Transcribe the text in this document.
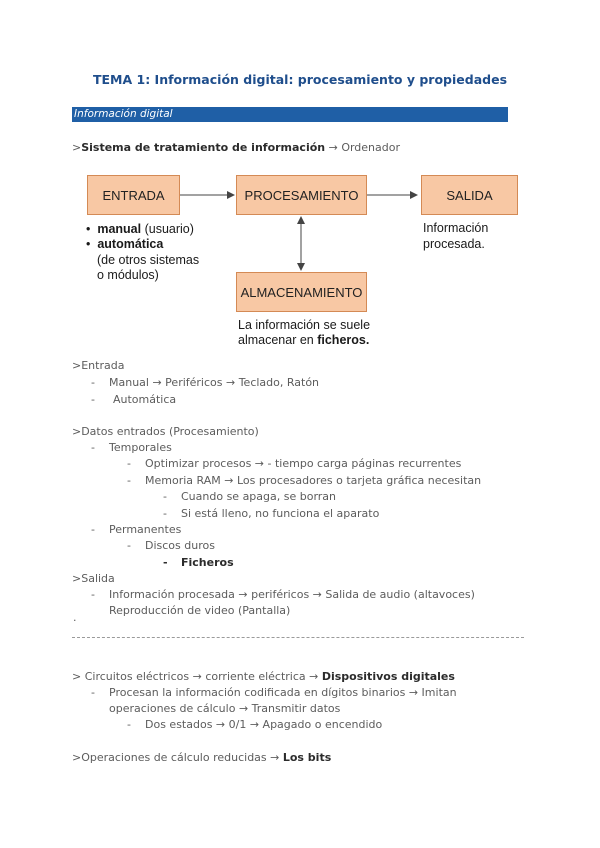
TEMA 1: Información digital: procesamiento y propiedades
Información digital
>Sistema de tratamiento de información → Ordenador
ENTRADA	PROCESAMIENTO	SALIDA
ALMACENAMIENTO
• manual (usuario)
• automática
(de otros sistemas
o módulos)
Información
procesada.
La información se suele
almacenar en ficheros.
>Entrada
- Manual → Periféricos → Teclado, Ratón
- Automática
>Datos entrados (Procesamiento)
- Temporales
- Optimizar procesos → - tiempo carga páginas recurrentes
- Memoria RAM → Los procesadores o tarjeta gráfica necesitan
- Cuando se apaga, se borran
- Si está lleno, no funciona el aparato
- Permanentes
- Discos duros
- Ficheros
>Salida
- Información procesada → periféricos → Salida de audio (altavoces)
Reproducción de video (Pantalla)
·
> Circuitos eléctricos → corriente eléctrica → Dispositivos digitales
- Procesan la información codificada en dígitos binarios → Imitan
operaciones de cálculo → Transmitir datos
- Dos estados → 0/1 → Apagado o encendido
>Operaciones de cálculo reducidas → Los bits
